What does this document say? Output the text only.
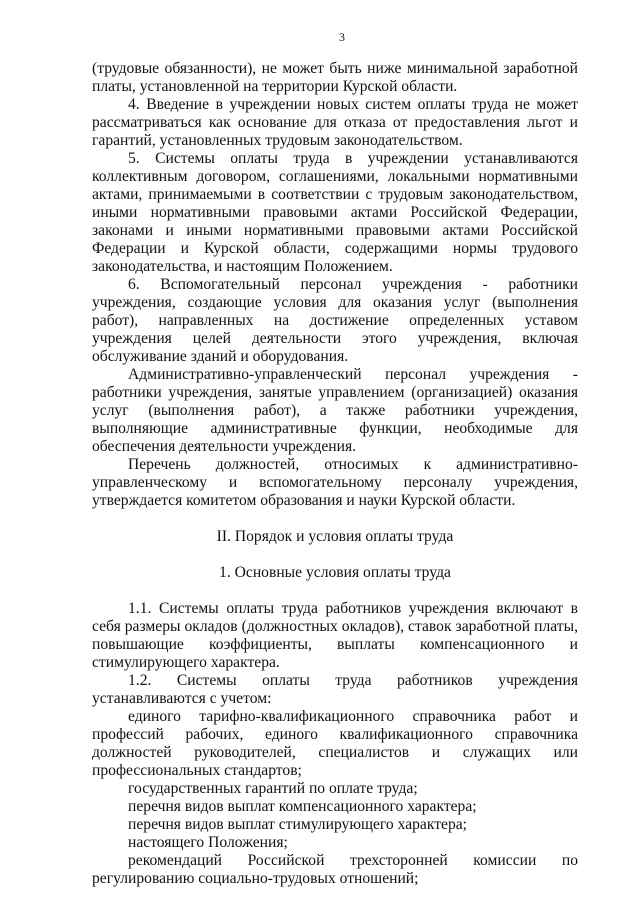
3

(трудовые обязанности), не может быть ниже минимальной заработной платы, установленной на территории Курской области.

4. Введение в учреждении новых систем оплаты труда не может рассматриваться как основание для отказа от предоставления льгот и гарантий, установленных трудовым законодательством.

5. Системы оплаты труда в учреждении устанавливаются коллективным договором, соглашениями, локальными нормативными актами, принимаемыми в соответствии с трудовым законодательством, иными нормативными правовыми актами Российской Федерации, законами и иными нормативными правовыми актами Российской Федерации и Курской области, содержащими нормы трудового законодательства, и настоящим Положением.

6. Вспомогательный персонал учреждения - работники учреждения, создающие условия для оказания услуг (выполнения работ), направленных на достижение определенных уставом учреждения целей деятельности этого учреждения, включая обслуживание зданий и оборудования.

Административно-управленческий персонал учреждения - работники учреждения, занятые управлением (организацией) оказания услуг (выполнения работ), а также работники учреждения, выполняющие административные функции, необходимые для обеспечения деятельности учреждения.

Перечень должностей, относимых к административно-управленческому и вспомогательному персоналу учреждения, утверждается комитетом образования и науки Курской области.

II. Порядок и условия оплаты труда

1. Основные условия оплаты труда

1.1. Системы оплаты труда работников учреждения включают в себя размеры окладов (должностных окладов), ставок заработной платы, повышающие коэффициенты, выплаты компенсационного и стимулирующего характера.

1.2. Системы оплаты труда работников учреждения устанавливаются с учетом:

единого тарифно-квалификационного справочника работ и профессий рабочих, единого квалификационного справочника должностей руководителей, специалистов и служащих или профессиональных стандартов;

государственных гарантий по оплате труда;

перечня видов выплат компенсационного характера;

перечня видов выплат стимулирующего характера;

настоящего Положения;

рекомендаций Российской трехсторонней комиссии по регулированию социально-трудовых отношений;
